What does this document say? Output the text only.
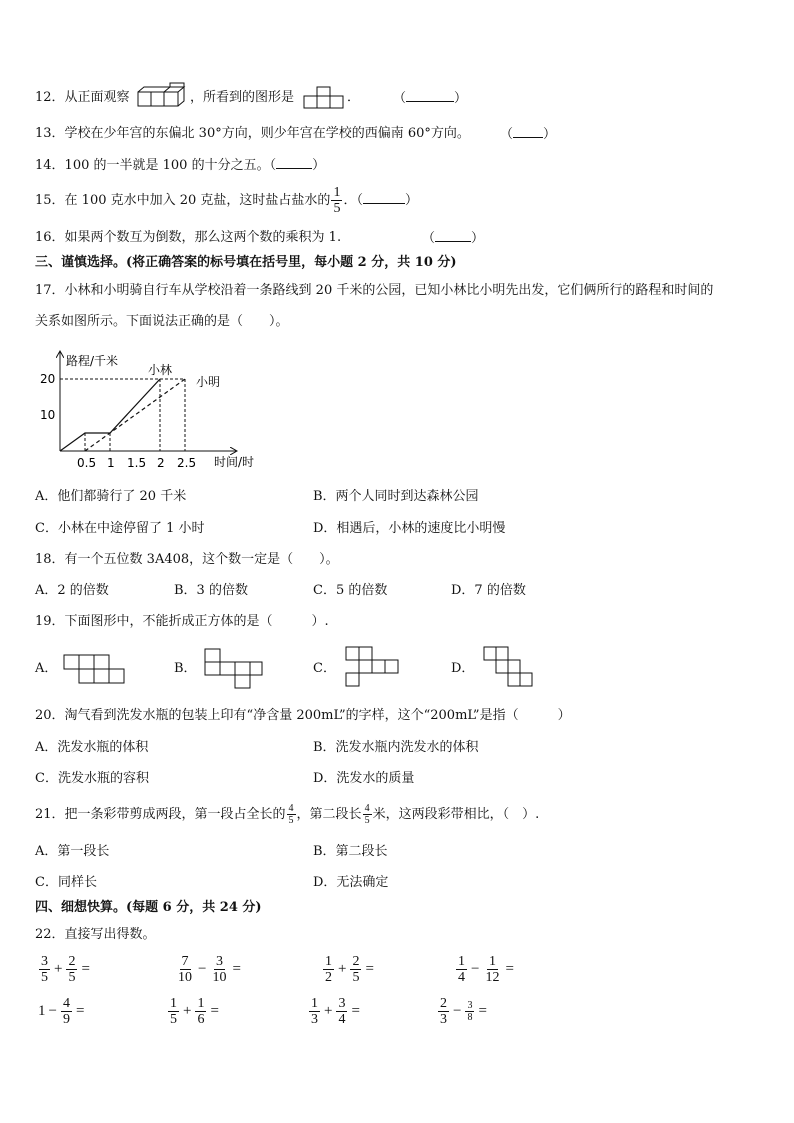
12．从正面观察	，所看到的图形是	．	（	）
13．学校在少年宫的东偏北 30°方向，则少年宫在学校的西偏南 60°方向。 （ ）
14．100 的一半就是 100 的十分之五。（	）
15．在 100 克水中加入 20 克盐，这时盐占盐水的 $\frac{1}{5}$ ．（	）
16．如果两个数互为倒数，那么这两个数的乘积为 1.	（	）
三、谨慎选择。(将正确答案的标号填在括号里，每小题 2 分，共 10 分)
17．小林和小明骑自行车从学校沿着一条路线到 20 千米的公园，已知小林比小明先出发，它们俩所行的路程和时间的
关系如图所示。下面说法正确的是（　　）。
路程/千米
时间/时
小林
小明
0.5 1 1.5 2 2.5
10
20
A．他们都骑行了 20 千米	B．两个人同时到达森林公园
C．小林在中途停留了 1 小时	D．相遇后，小林的速度比小明慢
18．有一个五位数 3A408，这个数一定是（　　）。
A．2 的倍数	B．3 的倍数	C．5 的倍数	D．7 的倍数
19．下面图形中，不能折成正方体的是（　　　）.
A．	B．	C．	D．
20．淘气看到洗发水瓶的包装上印有“净含量 200mL”的字样，这个“200mL”是指（　　　）
A．洗发水瓶的体积	B．洗发水瓶内洗发水的体积
C．洗发水瓶的容积	D．洗发水的质量
21．把一条彩带剪成两段，第一段占全长的 $\frac{4}{5}$ ，第二段长 $\frac{4}{5}$ 米，这两段彩带相比，（　）.
A．第一段长	B．第二段长
C．同样长	D．无法确定
四、细想快算。(每题 6 分，共 24 分)
22．直接写出得数。
$\frac{3}{5} + \frac{2}{5}$ =	$\frac{7}{10} - \frac{3}{10}$ =	$\frac{1}{2} + \frac{2}{5}$ =	$\frac{1}{4} - \frac{1}{12}$ =
$1 - \frac{4}{9}$ =	$\frac{1}{5} + \frac{1}{6}$ =	$\frac{1}{3} + \frac{3}{4}$ =	$\frac{2}{3} - \frac{3}{8}$ =
